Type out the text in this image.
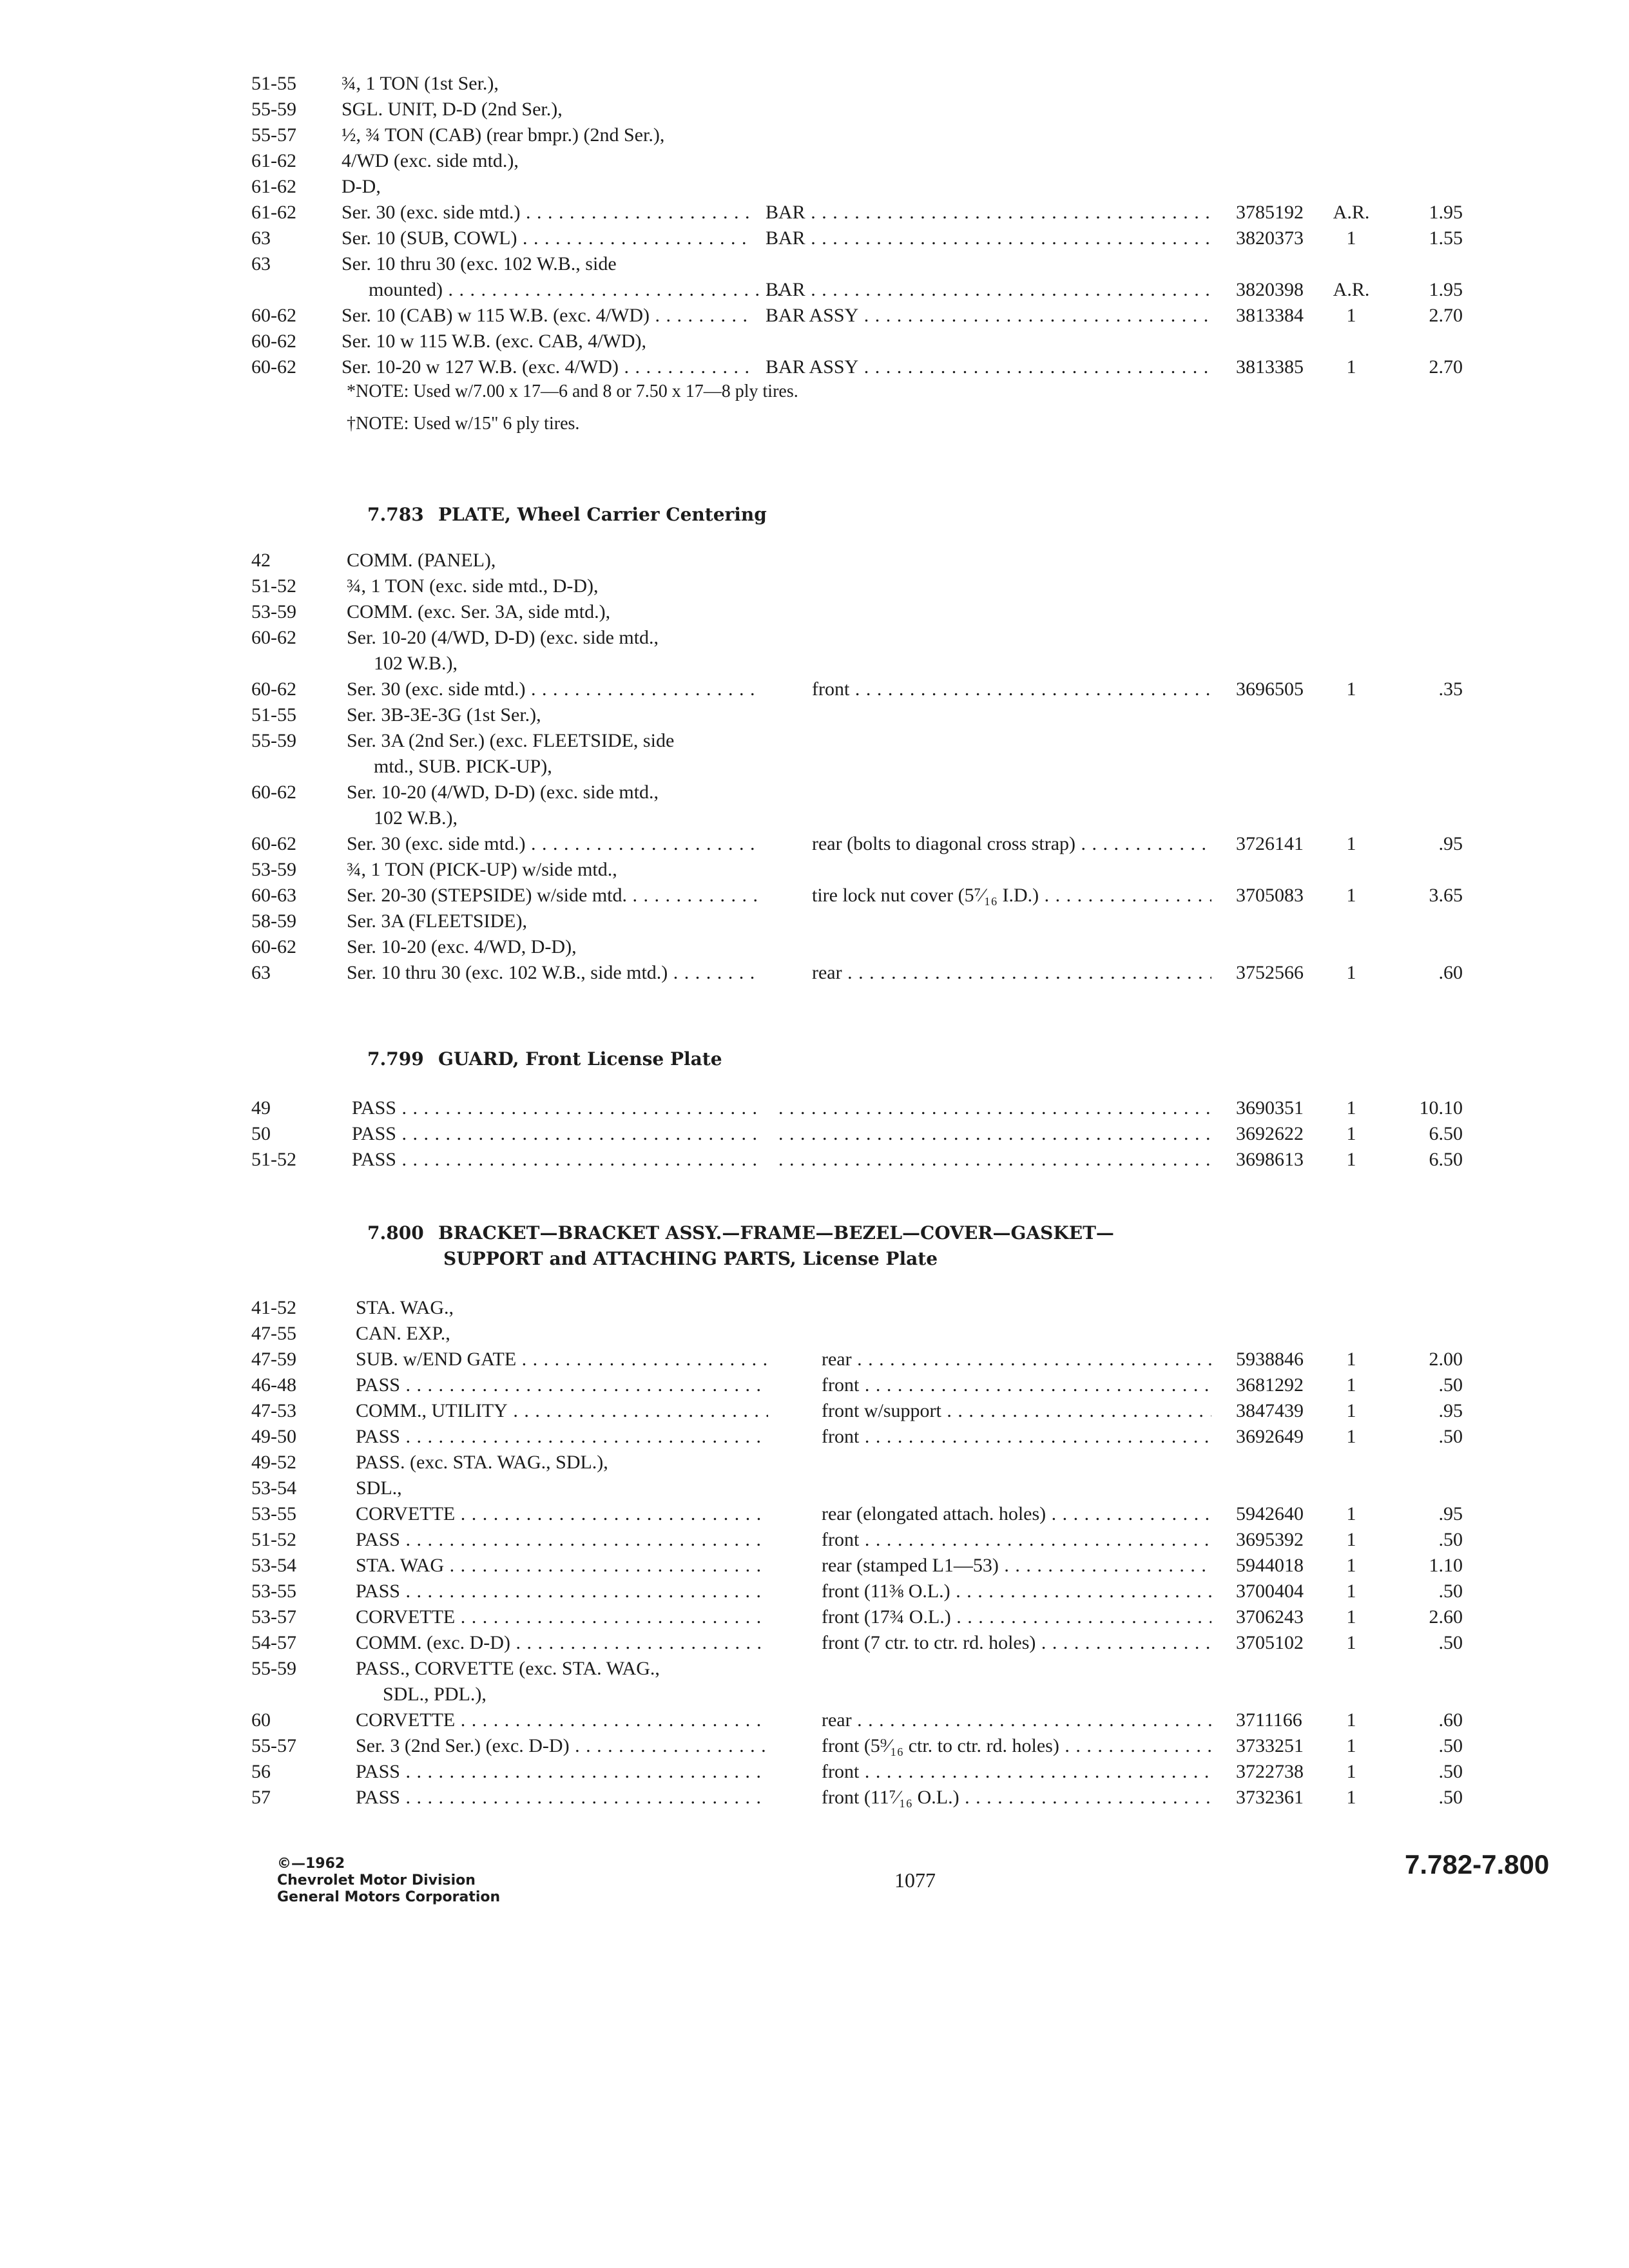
©—1962
Chevrolet Motor Division
General Motors Corporation
1077
7.782-7.800
51-55 ¾, 1 TON (1st Ser.),
55-59 SGL. UNIT, D-D (2nd Ser.),
55-57 ½, ¾ TON (CAB) (rear bmpr.) (2nd Ser.),
61-62 4/WD (exc. side mtd.),
61-62 D-D,
61-62 Ser. 30 (exc. side mtd.) . . .	BAR . . .	3785192 A.R.	1.95
63	Ser. 10 (SUB, COWL) . . .	BAR . . .	3820373	1	1.55
63	Ser. 10 thru 30 (exc. 102 W.B., side
mounted) . . .	BAR . . .	3820398 A.R.	1.95
60-62 Ser. 10 (CAB) w 115 W.B. (exc. 4/WD) . . .	BAR ASSY . . .	3813384	1	2.70
60-62 Ser. 10 w 115 W.B. (exc. CAB, 4/WD),
60-62 Ser. 10-20 w 127 W.B. (exc. 4/WD) . . .	BAR ASSY . . .	3813385	1	2.70
*NOTE: Used w/7.00 x 17—6 and 8 or 7.50 x 17—8 ply tires.
†NOTE: Used w/15" 6 ply tires.
7.783 PLATE, Wheel Carrier Centering
42	COMM. (PANEL),
51-52	¾, 1 TON (exc. side mtd., D-D),
53-59	COMM. (exc. Ser. 3A, side mtd.),
60-62	Ser. 10-20 (4/WD, D-D) (exc. side mtd.,
102 W.B.),
60-62	Ser. 30 (exc. side mtd.) . . .	front . . .	3696505	1	.35
51-55	Ser. 3B-3E-3G (1st Ser.),
55-59	Ser. 3A (2nd Ser.) (exc. FLEETSIDE, side
mtd., SUB. PICK-UP),
60-62	Ser. 10-20 (4/WD, D-D) (exc. side mtd.,
102 W.B.),
60-62	Ser. 30 (exc. side mtd.) . . .	rear (bolts to diagonal cross strap) . . .	3726141	1	.95
53-59	¾, 1 TON (PICK-UP) w/side mtd.,
60-63	Ser. 20-30 (STEPSIDE) w/side mtd. . . .	tire lock nut cover (5⁷⁄₁₆ I.D.) . . .	3705083	1	3.65
58-59	Ser. 3A (FLEETSIDE),
60-62	Ser. 10-20 (exc. 4/WD, D-D),
63	Ser. 10 thru 30 (exc. 102 W.B., side mtd.) . . .	rear . . .	3752566	1	.60
7.799 GUARD, Front License Plate
49	PASS . . . . . .	3690351	1	10.10
50	PASS . . . . . .	3692622	1	6.50
51-52	PASS . . . . . .	3698613	1	6.50
7.800 BRACKET—BRACKET ASSY.—FRAME—BEZEL—COVER—GASKET—
SUPPORT and ATTACHING PARTS, License Plate
41-52	STA. WAG.,
47-55	CAN. EXP.,
47-59	SUB. w/END GATE . . .	rear . . .	5938846	1	2.00
46-48	PASS . . .	front . . .	3681292	1	.50
47-53	COMM., UTILITY . . .	front w/support . . .	3847439	1	.95
49-50	PASS . . .	front . . .	3692649	1	.50
49-52	PASS. (exc. STA. WAG., SDL.),
53-54	SDL.,
53-55	CORVETTE . . .	rear (elongated attach. holes) . . .	5942640	1	.95
51-52	PASS . . .	front . . .	3695392	1	.50
53-54	STA. WAG . . .	rear (stamped L1—53) . . .	5944018	1	1.10
53-55	PASS . . .	front (11⅜ O.L.) . . .	3700404	1	.50
53-57	CORVETTE . . .	front (17¾ O.L.) . . .	3706243	1	2.60
54-57	COMM. (exc. D-D) . . .	front (7 ctr. to ctr. rd. holes) . . .	3705102	1	.50
55-59	PASS., CORVETTE (exc. STA. WAG.,
SDL., PDL.),
60	CORVETTE . . .	rear . . .	3711166	1	.60
55-57	Ser. 3 (2nd Ser.) (exc. D-D) . . .	front (5⁹⁄₁₆ ctr. to ctr. rd. holes) . . .	3733251	1	.50
56	PASS . . .	front . . .	3722738	1	.50
57	PASS . . .	front (11⁷⁄₁₆ O.L.) . . .	3732361	1	.50
